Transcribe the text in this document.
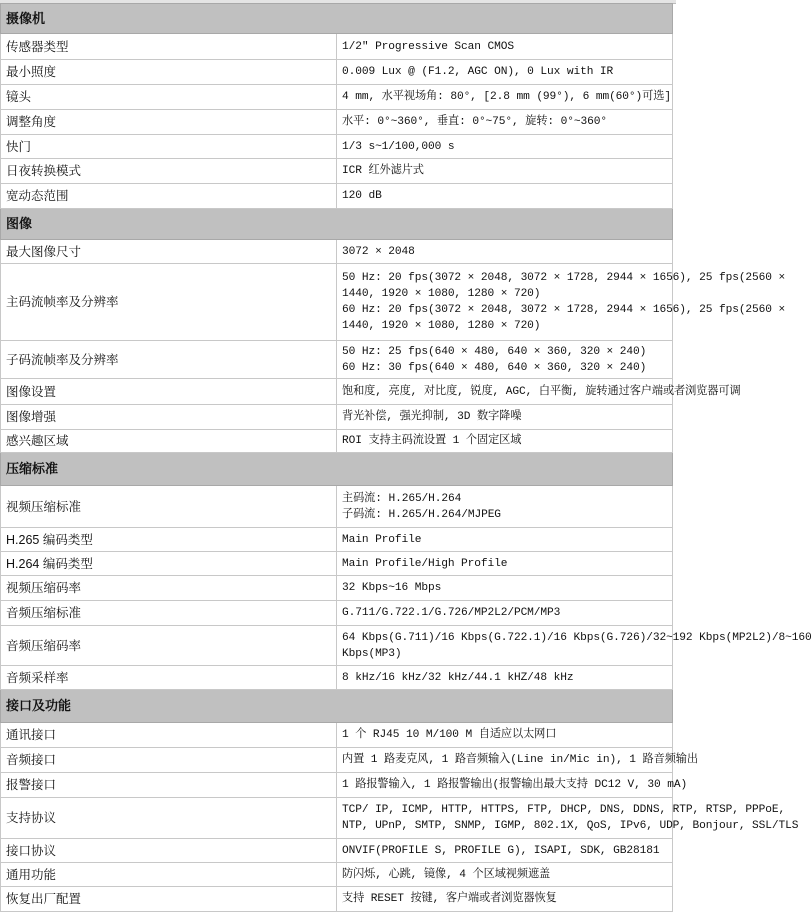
摄像机	
传感器类型	1/2" Progressive Scan CMOS

最小照度	0.009 Lux @ (F1.2, AGC ON), 0 Lux with IR

镜头	4 mm, 水平视场角: 80°, [2.8 mm (99°), 6 mm(60°)可选]

调整角度	水平: 0°~360°, 垂直: 0°~75°, 旋转: 0°~360°

快门	1/3 s~1/100,000 s

日夜转换模式	ICR 红外滤片式

宽动态范围	120 dB

图像	
最大图像尺寸	3072 × 2048

主码流帧率及分辨率	50 Hz: 20 fps(3072 × 2048, 3072 × 1728, 2944 × 1656), 25 fps(2560 ×
1440, 1920 × 1080, 1280 × 720)
60 Hz: 20 fps(3072 × 2048, 3072 × 1728, 2944 × 1656), 25 fps(2560 ×
1440, 1920 × 1080, 1280 × 720)

子码流帧率及分辨率	50 Hz: 25 fps(640 × 480, 640 × 360, 320 × 240)
60 Hz: 30 fps(640 × 480, 640 × 360, 320 × 240)

图像设置	饱和度, 亮度, 对比度, 锐度, AGC, 白平衡, 旋转通过客户端或者浏览器可调

图像增强	背光补偿, 强光抑制, 3D 数字降噪

感兴趣区域	ROI 支持主码流设置 1 个固定区域

压缩标准	
视频压缩标准	主码流: H.265/H.264
子码流: H.265/H.264/MJPEG

H.265 编码类型	Main Profile

H.264 编码类型	Main Profile/High Profile

视频压缩码率	32 Kbps~16 Mbps

音频压缩标准	G.711/G.722.1/G.726/MP2L2/PCM/MP3

音频压缩码率	64 Kbps(G.711)/16 Kbps(G.722.1)/16 Kbps(G.726)/32~192 Kbps(MP2L2)/8~160
Kbps(MP3)

音频采样率	8 kHz/16 kHz/32 kHz/44.1 kHZ/48 kHz

接口及功能	
通讯接口	1 个 RJ45 10 M/100 M 自适应以太网口

音频接口	内置 1 路麦克风, 1 路音频输入(Line in/Mic in), 1 路音频输出

报警接口	1 路报警输入, 1 路报警输出(报警输出最大支持 DC12 V, 30 mA)

支持协议	TCP/ IP, ICMP, HTTP, HTTPS, FTP, DHCP, DNS, DDNS, RTP, RTSP, PPPoE,
NTP, UPnP, SMTP, SNMP, IGMP, 802.1X, QoS, IPv6, UDP, Bonjour, SSL/TLS

接口协议	ONVIF(PROFILE S, PROFILE G), ISAPI, SDK, GB28181

通用功能	防闪烁, 心跳, 镜像, 4 个区域视频遮盖

恢复出厂配置	支持 RESET 按键, 客户端或者浏览器恢复
